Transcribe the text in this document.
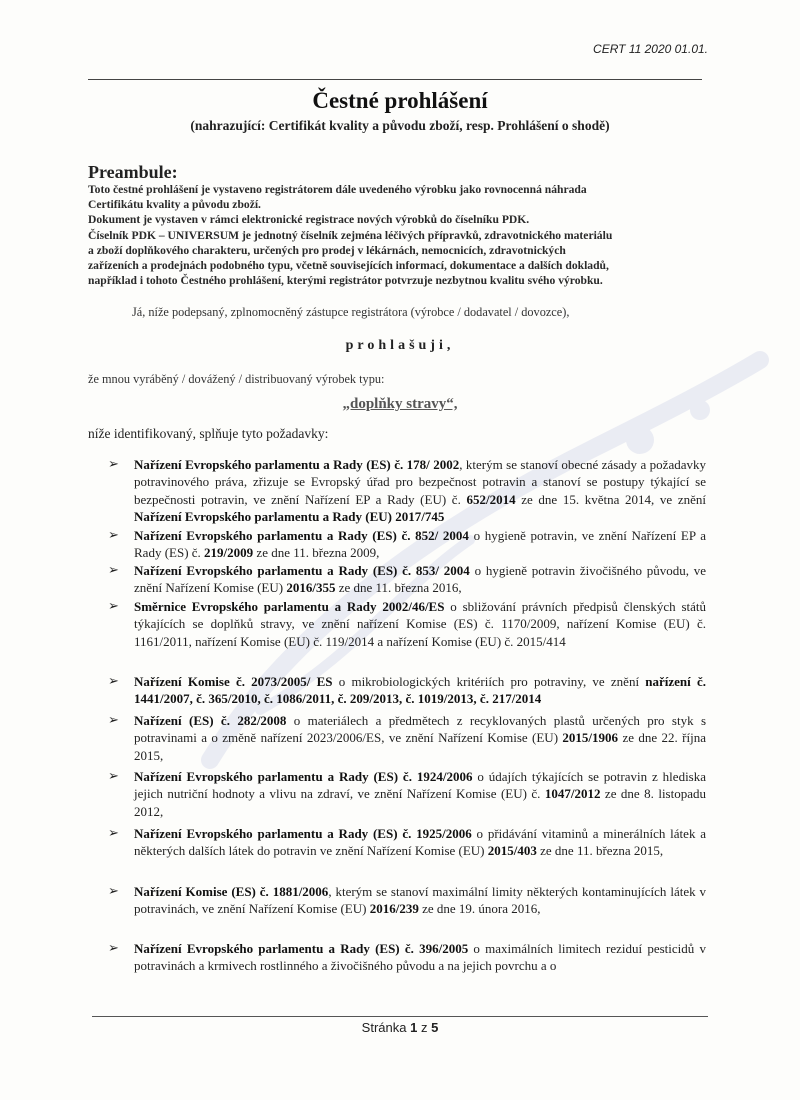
CERT 11 2020 01.01.
Čestné prohlášení
(nahrazující: Certifikát kvality a původu zboží, resp. Prohlášení o shodě)
Preambule:
Toto čestné prohlášení je vystaveno registrátorem dále uvedeného výrobku jako rovnocenná náhrada
Certifikátu kvality a původu zboží.
Dokument je vystaven v rámci elektronické registrace nových výrobků do číselníku PDK.
Číselník PDK – UNIVERSUM je jednotný číselník zejména léčivých přípravků, zdravotnického materiálu
a zboží doplňkového charakteru, určených pro prodej v lékárnách, nemocnicích, zdravotnických
zařízeních a prodejnách podobného typu, včetně souvisejících informací, dokumentace a dalších dokladů,
například i tohoto Čestného prohlášení, kterými registrátor potvrzuje nezbytnou kvalitu svého výrobku.
Já, níže podepsaný, zplnomocněný zástupce registrátora (výrobce / dodavatel / dovozce),
prohlašuji,
že mnou vyráběný / dovážený / distribuovaný výrobek typu:
„doplňky stravy“,
níže identifikovaný, splňuje tyto požadavky:
➢ Nařízení Evropského parlamentu a Rady (ES) č. 178/ 2002, kterým se stanoví obecné zásady a požadavky potravinového práva, zřizuje se Evropský úřad pro bezpečnost potravin a stanoví se postupy týkající se bezpečnosti potravin, ve znění Nařízení EP a Rady (EU) č. 652/2014 ze dne 15. května 2014, ve znění Nařízení Evropského parlamentu a Rady (EU) 2017/745
➢ Nařízení Evropského parlamentu a Rady (ES) č. 852/ 2004 o hygieně potravin, ve znění Nařízení EP a Rady (ES) č. 219/2009 ze dne 11. března 2009,
➢ Nařízení Evropského parlamentu a Rady (ES) č. 853/ 2004 o hygieně potravin živočišného původu, ve znění Nařízení Komise (EU) 2016/355 ze dne 11. března 2016,
➢ Směrnice Evropského parlamentu a Rady 2002/46/ES o sbližování právních předpisů členských států týkajících se doplňků stravy, ve znění nařízení Komise (ES) č. 1170/2009, nařízení Komise (EU) č. 1161/2011, nařízení Komise (EU) č. 119/2014 a nařízení Komise (EU) č. 2015/414
➢ Nařízení Komise č. 2073/2005/ ES o mikrobiologických kritériích pro potraviny, ve znění nařízení č. 1441/2007, č. 365/2010, č. 1086/2011, č. 209/2013, č. 1019/2013, č. 217/2014
➢ Nařízení (ES) č. 282/2008 o materiálech a předmětech z recyklovaných plastů určených pro styk s potravinami a o změně nařízení 2023/2006/ES, ve znění Nařízení Komise (EU) 2015/1906 ze dne 22. října 2015,
➢ Nařízení Evropského parlamentu a Rady (ES) č. 1924/2006 o údajích týkajících se potravin z hlediska jejich nutriční hodnoty a vlivu na zdraví, ve znění Nařízení Komise (EU) č. 1047/2012 ze dne 8. listopadu 2012,
➢ Nařízení Evropského parlamentu a Rady (ES) č. 1925/2006 o přidávání vitaminů a minerálních látek a některých dalších látek do potravin ve znění Nařízení Komise (EU) 2015/403 ze dne 11. března 2015,
➢ Nařízení Komise (ES) č. 1881/2006, kterým se stanoví maximální limity některých kontaminujících látek v potravinách, ve znění Nařízení Komise (EU) 2016/239 ze dne 19. února 2016,
➢ Nařízení Evropského parlamentu a Rady (ES) č. 396/2005 o maximálních limitech reziduí pesticidů v potravinách a krmivech rostlinného a živočišného původu a na jejich povrchu a o
Stránka 1 z 5
